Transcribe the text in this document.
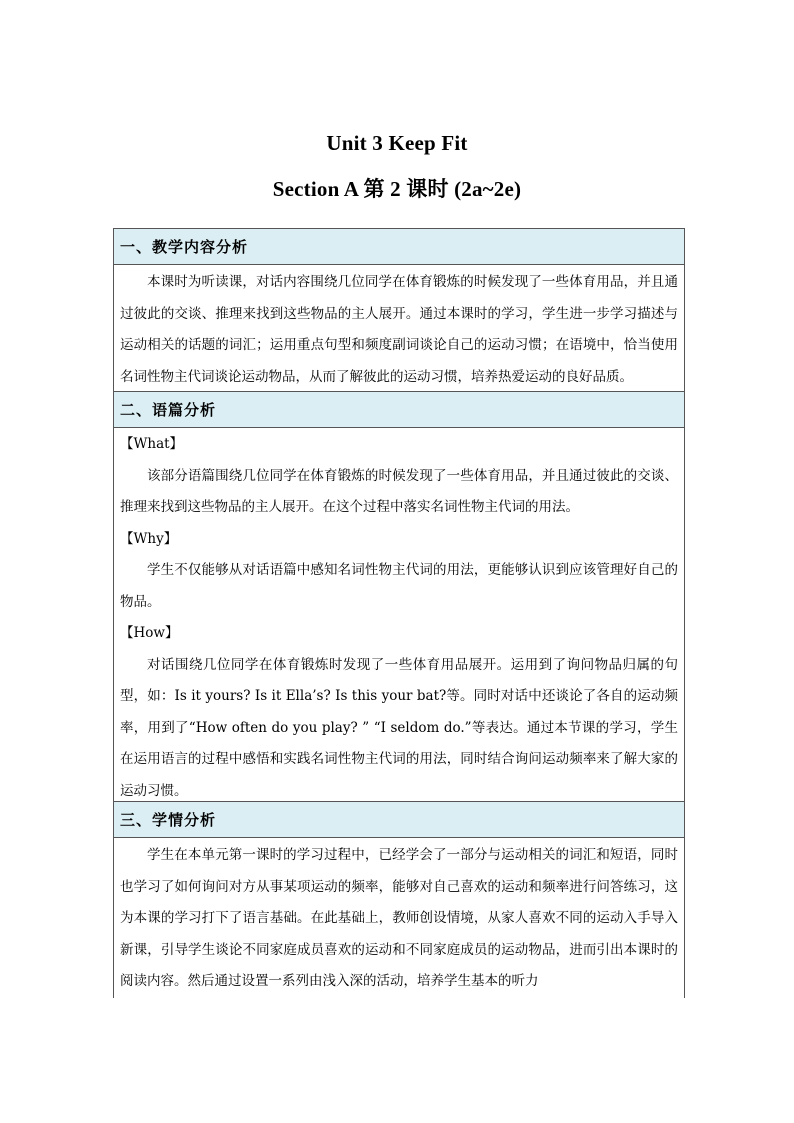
Unit 3 Keep Fit
Section A 第 2 课时 (2a~2e)
一、教学内容分析

本课时为听读课，对话内容围绕几位同学在体育锻炼的时候发现了一些体育用品，并且通过彼此的交谈、推理来找到这些物品的主人展开。通过本课时的学习，学生进一步学习描述与运动相关的话题的词汇；运用重点句型和频度副词谈论自己的运动习惯；在语境中，恰当使用名词性物主代词谈论运动物品，从而了解彼此的运动习惯，培养热爱运动的良好品质。

二、语篇分析

【What】

该部分语篇围绕几位同学在体育锻炼的时候发现了一些体育用品，并且通过彼此的交谈、推理来找到这些物品的主人展开。在这个过程中落实名词性物主代词的用法。

【Why】

学生不仅能够从对话语篇中感知名词性物主代词的用法，更能够认识到应该管理好自己的物品。

【How】

对话围绕几位同学在体育锻炼时发现了一些体育用品展开。运用到了询问物品归属的句型，如：Is it yours? Is it Ella’s? Is this your bat?等。同时对话中还谈论了各自的运动频率，用到了“How often do you play? ” “I seldom do.”等表达。通过本节课的学习，学生在运用语言的过程中感悟和实践名词性物主代词的用法，同时结合询问运动频率来了解大家的运动习惯。

三、学情分析

学生在本单元第一课时的学习过程中，已经学会了一部分与运动相关的词汇和短语，同时也学习了如何询问对方从事某项运动的频率，能够对自己喜欢的运动和频率进行问答练习，这为本课的学习打下了语言基础。在此基础上，教师创设情境，从家人喜欢不同的运动入手导入新课，引导学生谈论不同家庭成员喜欢的运动和不同家庭成员的运动物品，进而引出本课时的阅读内容。然后通过设置一系列由浅入深的活动，培养学生基本的听力
